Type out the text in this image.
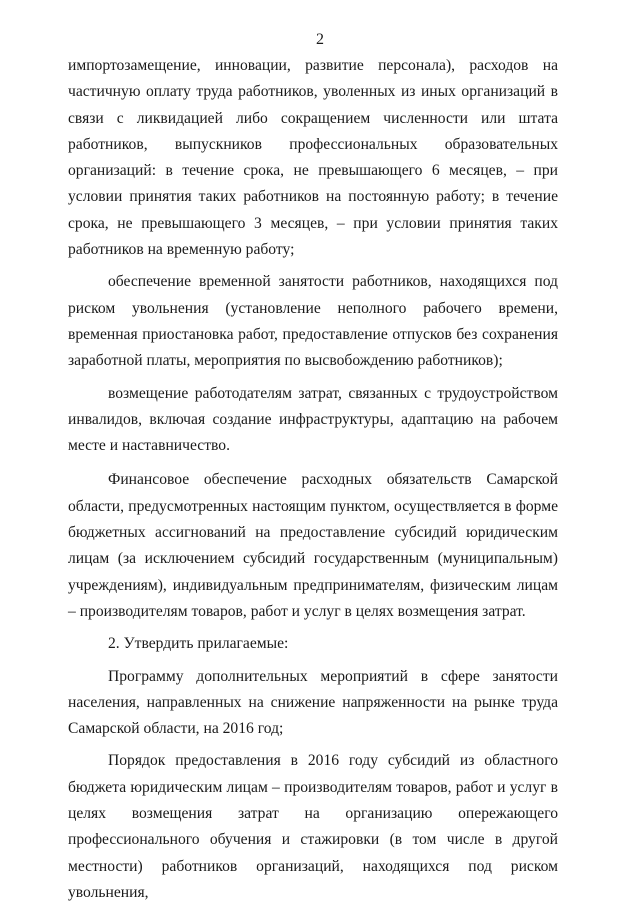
2

импортозамещение, инновации, развитие персонала), расходов на частичную оплату труда работников, уволенных из иных организаций в связи с ликвидацией либо сокращением численности или штата работников, выпускников профессиональных образовательных организаций: в течение срока, не превышающего 6 месяцев, – при условии принятия таких работников на постоянную работу; в течение срока, не превышающего 3 месяцев, – при условии принятия таких работников на временную работу;

обеспечение временной занятости работников, находящихся под риском увольнения (установление неполного рабочего времени, временная приостановка работ, предоставление отпусков без сохранения заработной платы, мероприятия по высвобождению работников);

возмещение работодателям затрат, связанных с трудоустройством инвалидов, включая создание инфраструктуры, адаптацию на рабочем месте и наставничество.

Финансовое обеспечение расходных обязательств Самарской области, предусмотренных настоящим пунктом, осуществляется в форме бюджетных ассигнований на предоставление субсидий юридическим лицам (за исключением субсидий государственным (муниципальным) учреждениям), индивидуальным предпринимателям, физическим лицам – производителям товаров, работ и услуг в целях возмещения затрат.

2. Утвердить прилагаемые:

Программу дополнительных мероприятий в сфере занятости населения, направленных на снижение напряженности на рынке труда Самарской области, на 2016 год;

Порядок предоставления в 2016 году субсидий из областного бюджета юридическим лицам – производителям товаров, работ и услуг в целях возмещения затрат на организацию опережающего профессионального обучения и стажировки (в том числе в другой местности) работников организаций, находящихся под риском увольнения,
